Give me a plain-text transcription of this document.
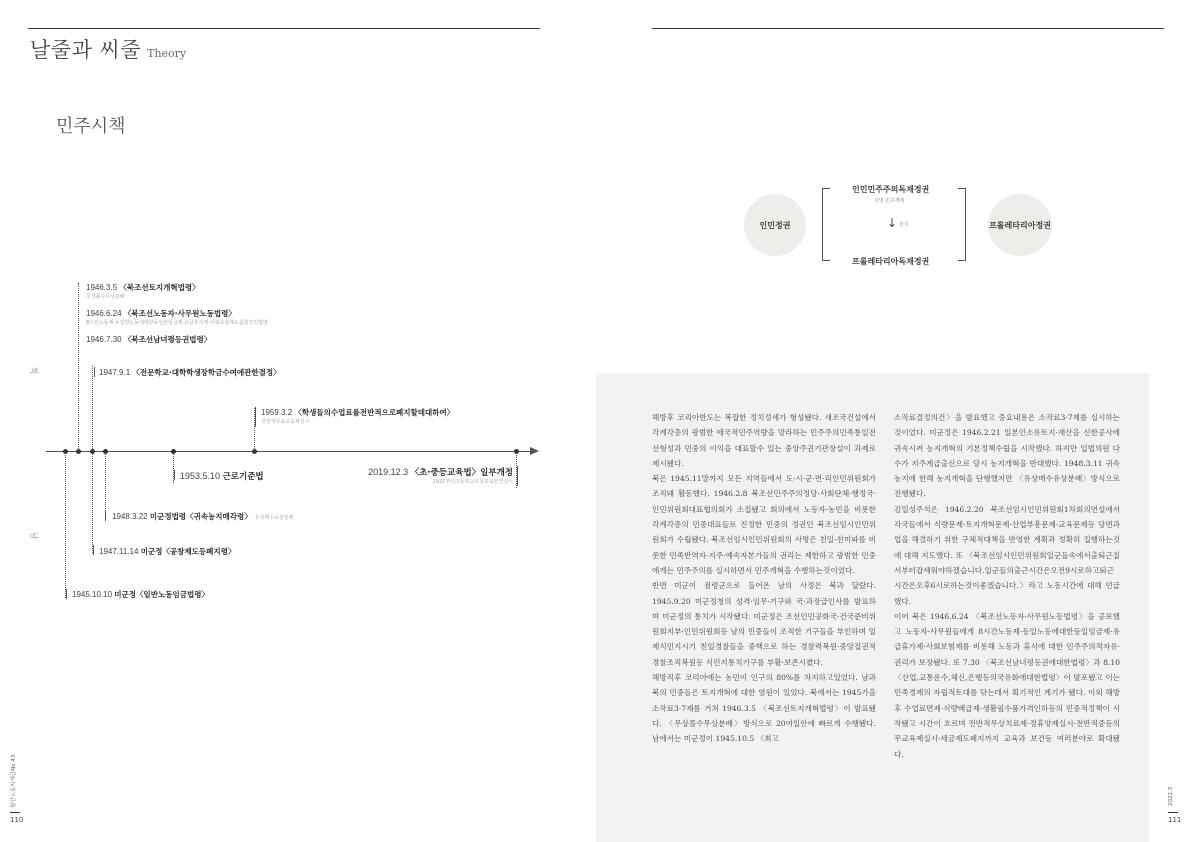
날줄과 씨줄 Theory
민주시책
북
남
1946.3.5 〈북조선토지개혁법령〉
무상몰수무상분배
1946.6.24 〈북조선노동자·사무원노동법령〉
8시간노동제·동일한노동에대한동일한임금제·유급휴가제·사회보험제도출합적인법령
1946.7.30 〈북조선남녀평등권법령〉
1947.9.1 〈전문학교·대학학생장학금수여에관한결정〉
1959.3.2 〈학생들의수업료를전반적으로폐지할데대하여〉
전반적무료교육제실시
1953.5.10 근로기준법	2019.12.3 〈초·중등교육법〉일부개정
2021부터고등학교무상교육전면실시
1948.3.22 미군정법령〈귀속농지매각령〉 유상매수유상분배
1947.11.14 미군정〈공창제도등폐지령〉
1945.10.10 미군정〈일반노동임금법령〉
인민정권	프롤레타리아정권
인민민주주의독재정권
사명 민주개혁
↓ 전이
프롤레타리아독재정권

해방후 코리아반도는 복잡한 정치정세가 형성됐다. 새조국건설에서 각계각층의 광범한 애국적민주역량을 망라하는 민주주의민족통일전선형성과 민중의 이익을 대표할수 있는 중앙주권기관창설이 과제로 제시됐다.

북은 1945.11말까지 모든 지역들에서 도·시·군·면·리인민위원회가 조직돼 활동했다. 1946.2.8 북조선민주주의정당·사회단체·행정국·인민위원회대표협의회가 소집됐고 회의에서 노동자·농민을 비롯한 각계각층의 민중대표들로 진정한 민중의 정권인 북조선임시인민위원회가 수립됐다. 북조선임시인민위원회의 사명은 친일·친미파를 비롯한 민족반역자·지주·예속자본가들의 권리는 제한하고 광범한 민중에게는 민주주의를 실시하면서 민주개혁을 수행하는것이었다.

반면 미군이 점령군으로 들어온 남의 사정은 북과 달랐다. 1945.9.20 미군정청의 성격·임무·기구와 국·과장급인사를 발표하며 미군정의 통치가 시작됐다. 미군정은 조선인민공화국·건국준비위원회지부·인민위원회등 남의 민중들이 조직한 기구들을 부인하며 일제식민지시기 친일경찰들을 중핵으로 하는 경찰력복원·중앙집권적경찰조직복원등 식민지통치기구를 부활·보존시켰다.

해방직후 코리아에는 농민이 인구의 80%를 차지하고있었다. 남과 북의 민중들은 토지개혁에 대한 염원이 있었다. 북에서는 1945가을 소작료3·7제를 거쳐 1946.3.5 〈북조선토지개혁법령〉이 발표됐다. 〈무상몰수무상분배〉방식으로 20여일안에 빠르게 수행됐다. 남에서는 미군정이 1945.10.5 〈최고

소작료결정의건〉을 발표했고 중요내용은 소작료3·7제를 실시하는것이었다. 미군정은 1946.2.21 일본인소유토지·재산을 신한공사에 귀속시켜 농지개혁의 기본정책수립을 시작했다. 하지만 입법의원 다수가 지주계급출신으로 당시 농지개혁을 반대했다. 1948.3.11 귀속농지에 한해 농지개혁을 단행했지만 〈유상매수유상분배〉방식으로 진행됐다.

김일성주석은 1946.2.20 북조선임시인민위원회1차회의연설에서 각국들에서 식량문제·토지개혁문제·산업부흥문제·교육문제등 당면과업을 해결하기 위한 구체적대책을 반영한 계획과 정확히 집행하는것에 대해 지도했다. 또 〈북조선임시인민위원회일군들속에서출퇴근질서부터잡세워야하겠습니다.일군들의출근시간은오전9시로하고퇴근시간은오후6시로하는것이좋겠습니다.〉라고 노동시간에 대해 언급했다.

이어 북은 1946.6.24 〈북조선노동자·사무원노동법령〉을 공포했고 노동자·사무원들에게 8시간노동제·동일노동에대한동일임금제·유급휴가제·사회보험제를 비롯해 노동과 휴식에 대한 민주주의적자유·권리가 보장됐다. 또 7.30 〈북조선남녀평등권에대한법령〉과 8.10 〈산업,교통운수,체신,은행등의국유화에대한법령〉이 발포됐고 이는 민족경제의 자립적토대를 닦는데서 획기적인 계기가 됐다. 이외 해방후 수업료면제·식량배급제·생활필수품가격인하등의 민중적정책이 시작됐고 시간이 흐르며 전반적무상치료제·정휴양제실시·전반적중등의무교육제실시·세금제도폐지까지 교육과 보건등 여러분야로 확대됐다.

월간노동자계급No.43
110
2022.3
111
